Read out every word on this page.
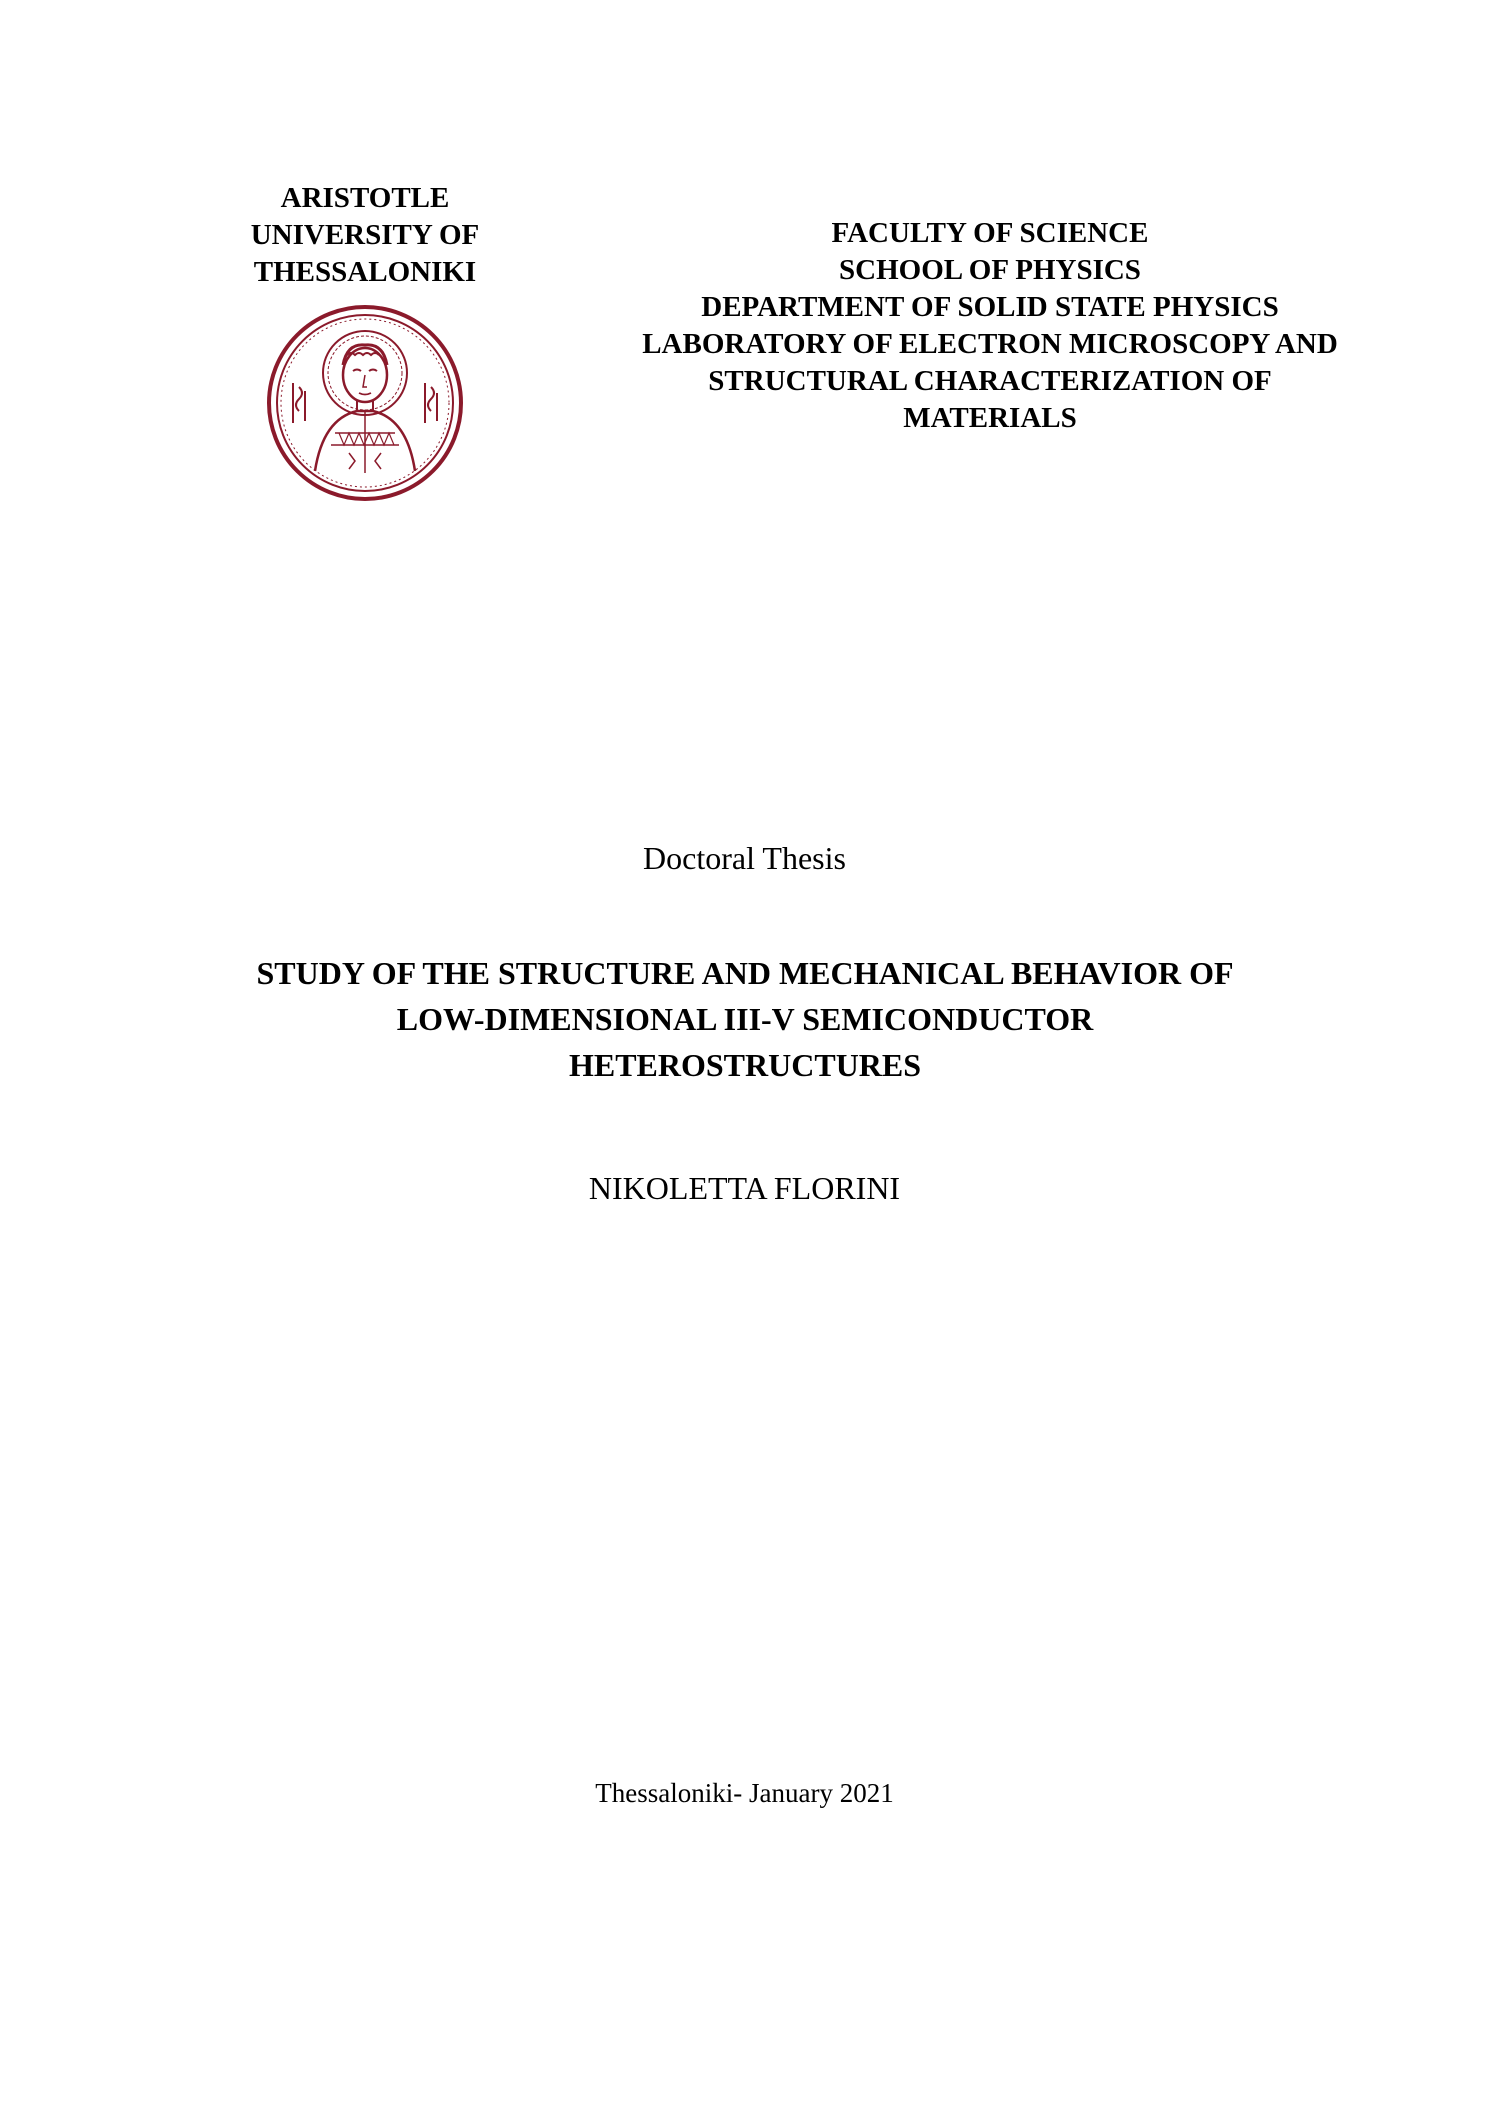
ARISTOTLE
UNIVERSITY OF
THESSALONIKI
FACULTY OF SCIENCE
SCHOOL OF PHYSICS
DEPARTMENT OF SOLID STATE PHYSICS
LABORATORY OF ELECTRON MICROSCOPY AND
STRUCTURAL CHARACTERIZATION OF
MATERIALS
Doctoral Thesis
STUDY OF THE STRUCTURE AND MECHANICAL BEHAVIOR OF
LOW-DIMENSIONAL III-V SEMICONDUCTOR
HETEROSTRUCTURES
NIKOLETTA FLORINI
Thessaloniki- January 2021
